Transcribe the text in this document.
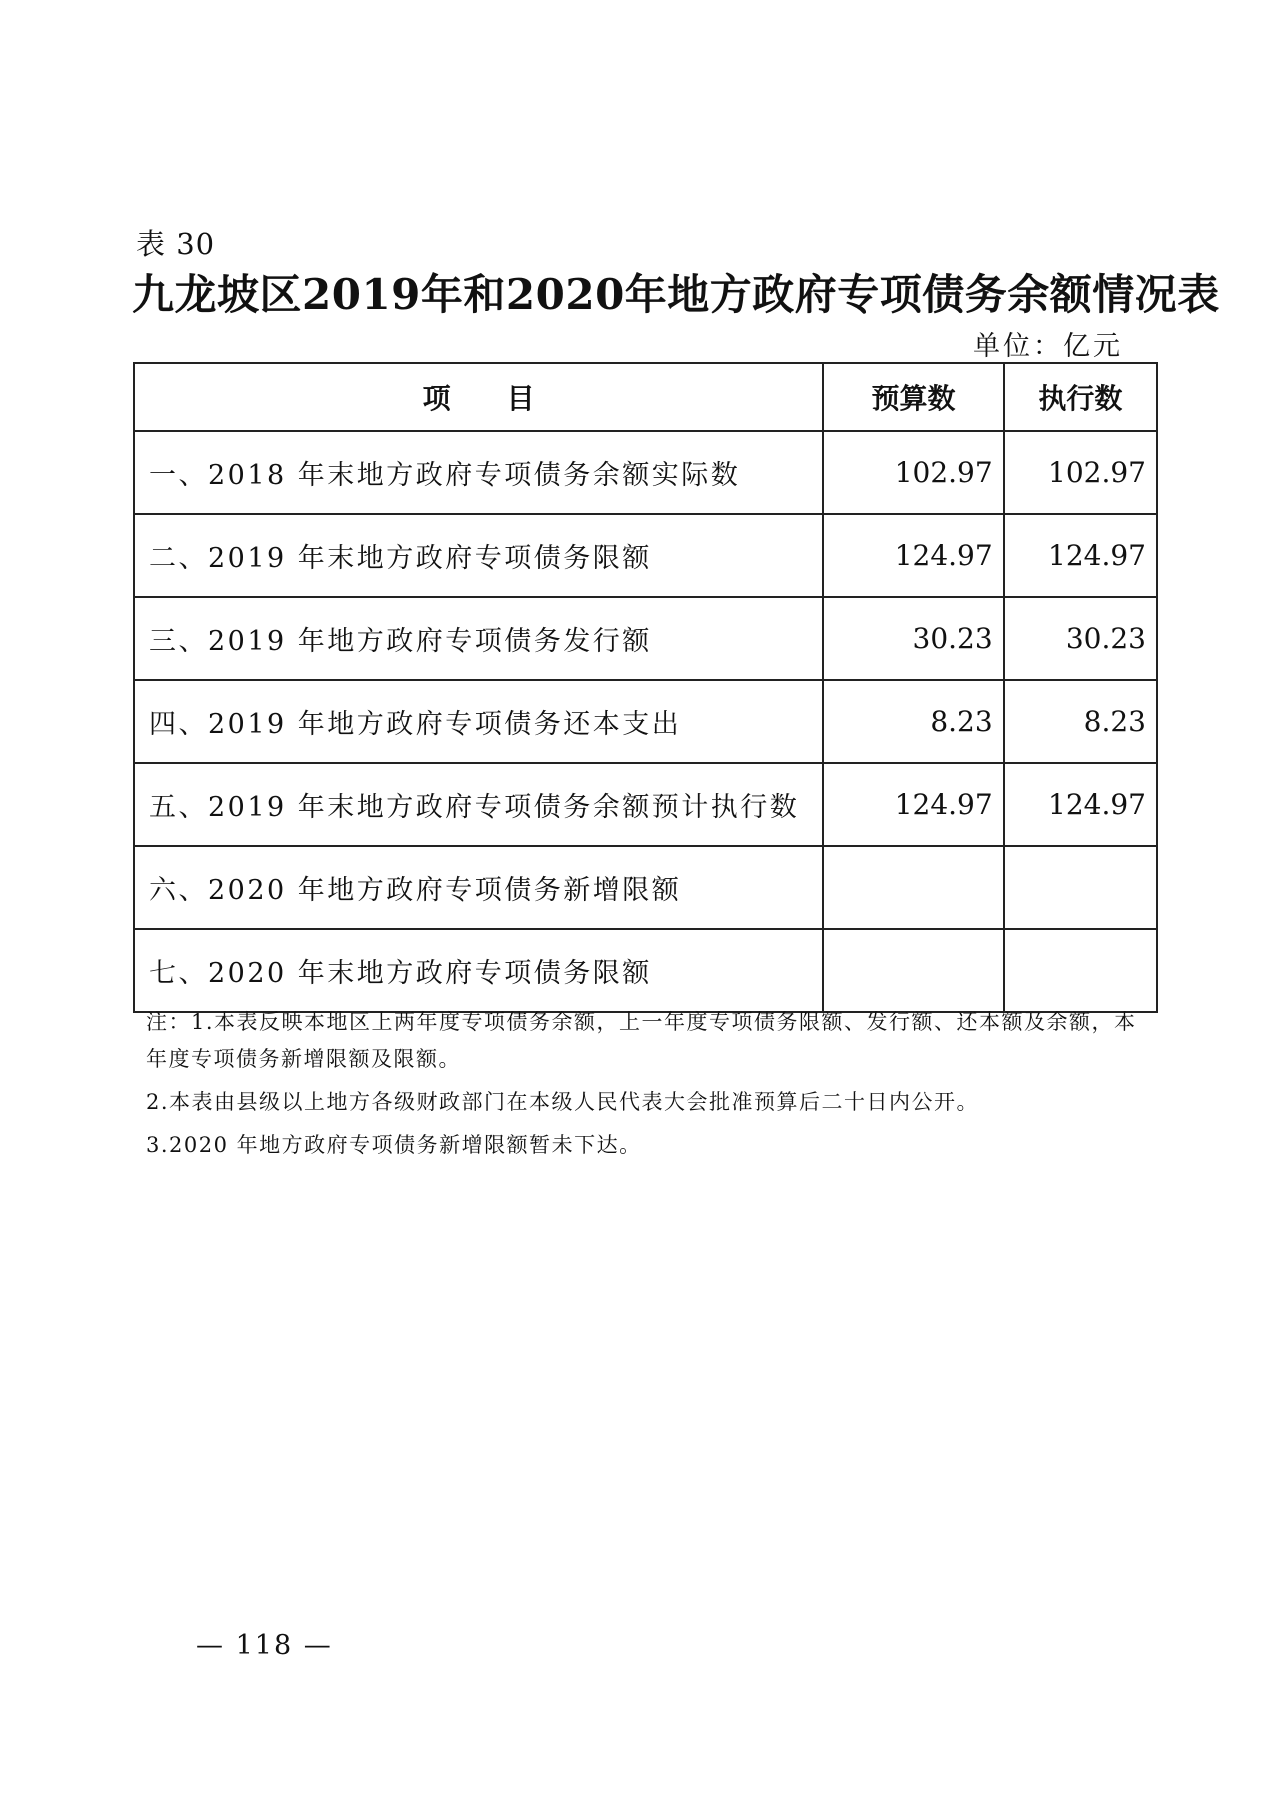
表 30
九龙坡区2019年和2020年地方政府专项债务余额情况表
单位：亿元
项目	预算数	执行数
一、2018 年末地方政府专项债务余额实际数	102.97	102.97
二、2019 年末地方政府专项债务限额	124.97	124.97
三、2019 年地方政府专项债务发行额	30.23	30.23
四、2019 年地方政府专项债务还本支出	8.23	8.23
五、2019 年末地方政府专项债务余额预计执行数	124.97	124.97
六、2020 年地方政府专项债务新增限额		
七、2020 年末地方政府专项债务限额		

注：1.本表反映本地区上两年度专项债务余额，上一年度专项债务限额、发行额、还本额及余额，本年度专项债务新增限额及限额。

2.本表由县级以上地方各级财政部门在本级人民代表大会批准预算后二十日内公开。

3.2020 年地方政府专项债务新增限额暂未下达。

— 118 —
